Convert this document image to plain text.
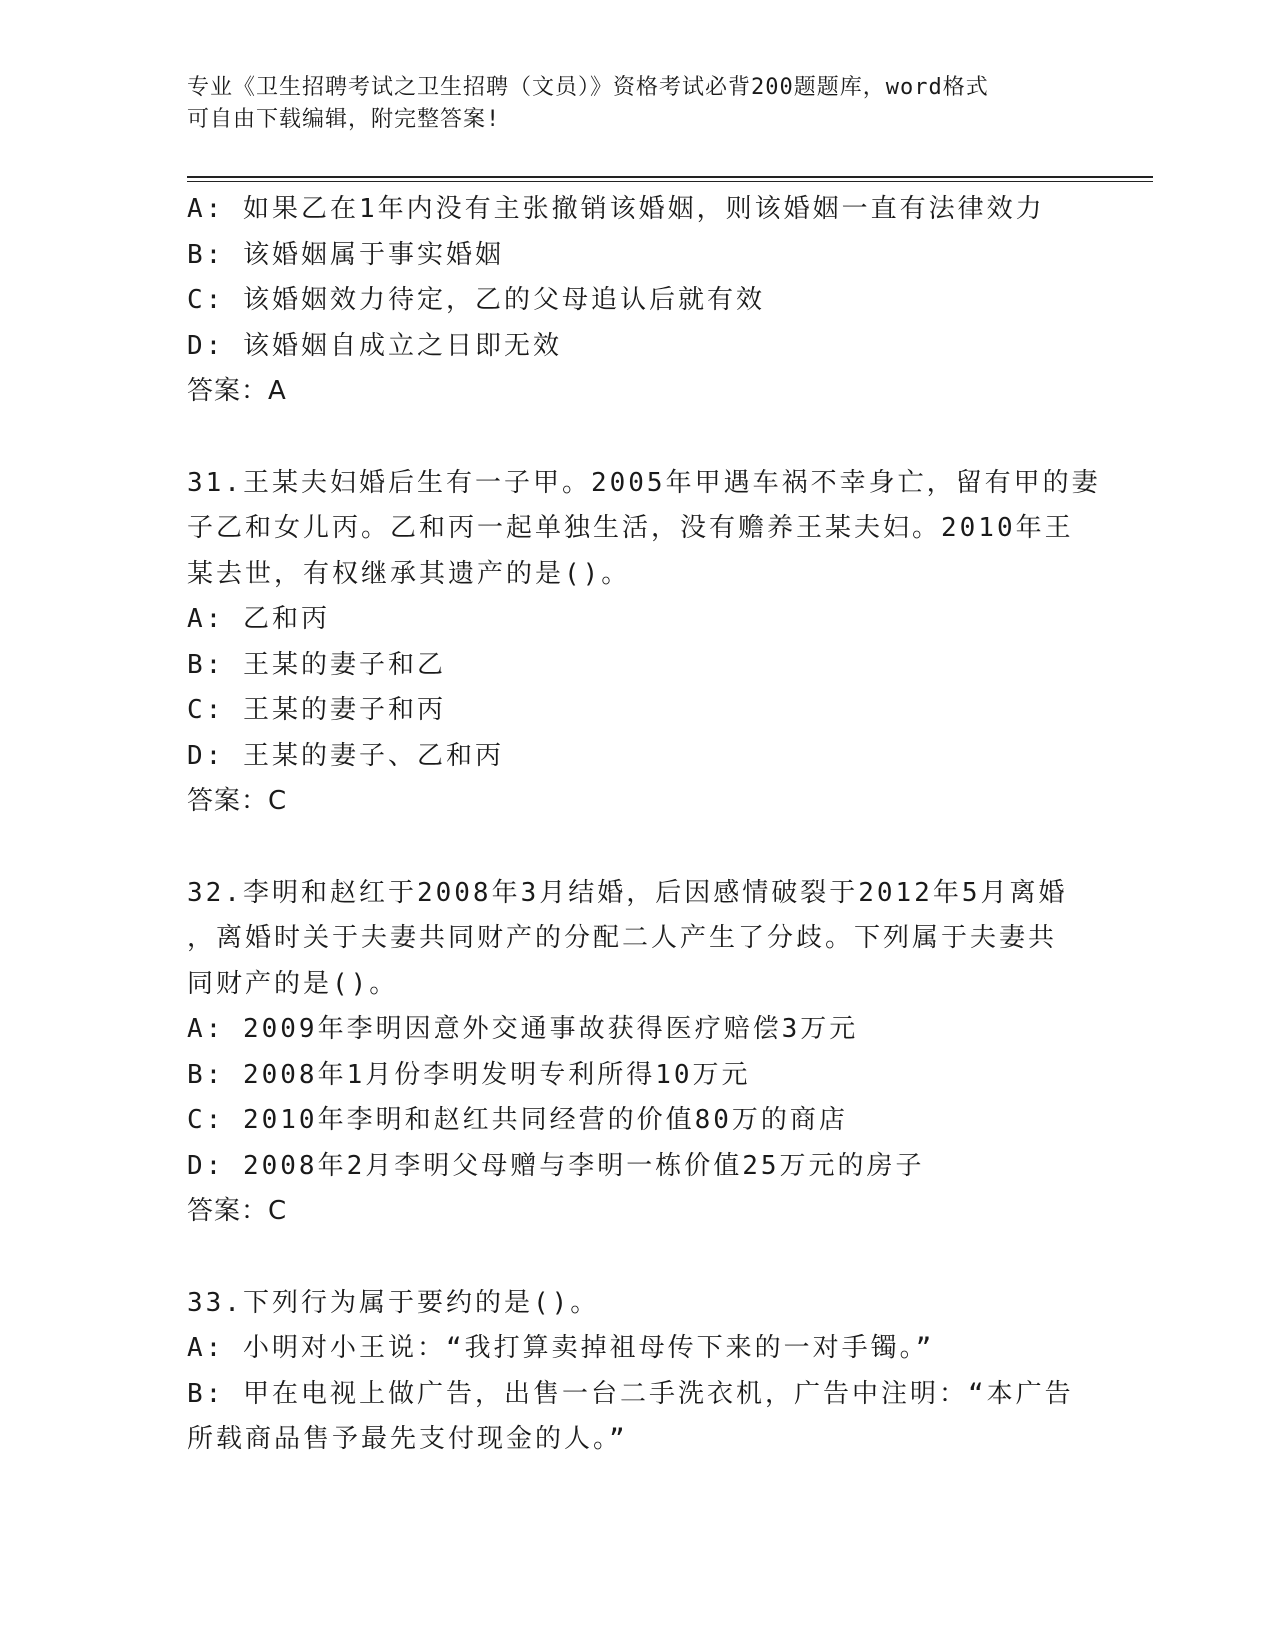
专业《卫生招聘考试之卫生招聘（文员）》资格考试必背200题题库，word格式
可自由下载编辑，附完整答案!
A: 如果乙在1年内没有主张撤销该婚姻，则该婚姻一直有法律效力
B: 该婚姻属于事实婚姻
C: 该婚姻效力待定，乙的父母追认后就有效
D: 该婚姻自成立之日即无效
答案：A
31.王某夫妇婚后生有一子甲。2005年甲遇车祸不幸身亡，留有甲的妻
子乙和女儿丙。乙和丙一起单独生活，没有赡养王某夫妇。2010年王
某去世，有权继承其遗产的是()。
A: 乙和丙
B: 王某的妻子和乙
C: 王某的妻子和丙
D: 王某的妻子、乙和丙
答案：C
32.李明和赵红于2008年3月结婚，后因感情破裂于2012年5月离婚
，离婚时关于夫妻共同财产的分配二人产生了分歧。下列属于夫妻共
同财产的是()。
A: 2009年李明因意外交通事故获得医疗赔偿3万元
B: 2008年1月份李明发明专利所得10万元
C: 2010年李明和赵红共同经营的价值80万的商店
D: 2008年2月李明父母赠与李明一栋价值25万元的房子
答案：C
33.下列行为属于要约的是()。
A: 小明对小王说：“我打算卖掉祖母传下来的一对手镯。”
B: 甲在电视上做广告，出售一台二手洗衣机，广告中注明：“本广告
所载商品售予最先支付现金的人。”
